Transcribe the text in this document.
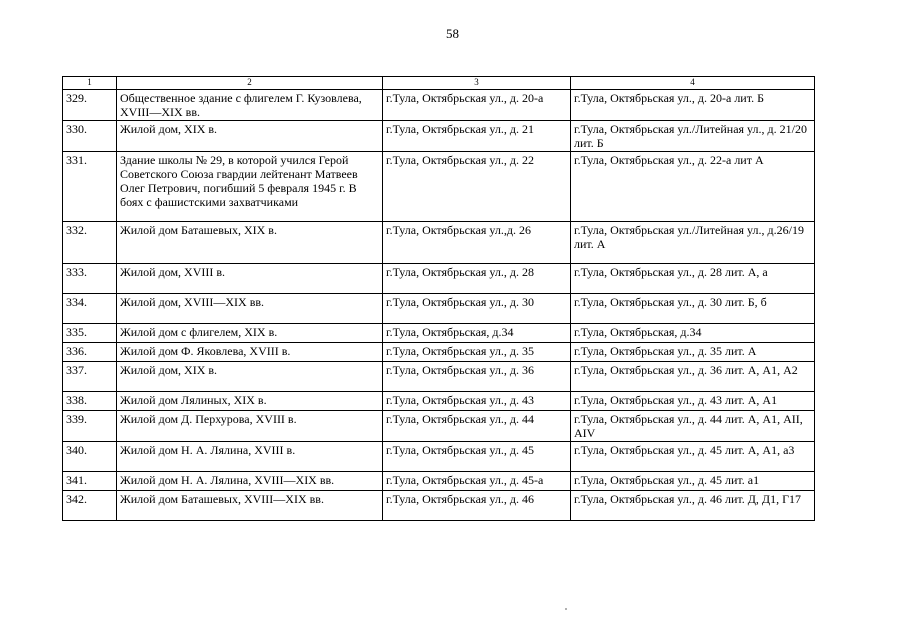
58
1	2	3	4
329.	Общественное здание с флигелем Г. Кузовлева, XVIII—XIX вв.	г.Тула, Октябрьская ул., д. 20-а	г.Тула, Октябрьская ул., д. 20-а лит. Б
330.	Жилой дом, XIX в.	г.Тула, Октябрьская ул., д. 21	г.Тула, Октябрьская ул./Литейная ул., д. 21/20 лит. Б
331.	Здание школы № 29, в которой учился Герой Советского Союза гвардии лейтенант Матвеев Олег Петрович, погибший 5 февраля 1945 г. В боях с фашистскими захватчиками	г.Тула, Октябрьская ул., д. 22	г.Тула, Октябрьская ул., д. 22-а лит А
332.	Жилой дом Баташевых, XIX в.	г.Тула, Октябрьская ул.,д. 26	г.Тула, Октябрьская ул./Литейная ул., д.26/19 лит. А
333.	Жилой дом, XVIII в.	г.Тула, Октябрьская ул., д. 28	г.Тула, Октябрьская ул., д. 28 лит. А, а
334.	Жилой дом, XVIII—XIX вв.	г.Тула, Октябрьская ул., д. 30	г.Тула, Октябрьская ул., д. 30 лит. Б, б
335.	Жилой дом с флигелем, XIX в.	г.Тула, Октябрьская, д.34	г.Тула, Октябрьская, д.34
336.	Жилой дом Ф. Яковлева, XVIII в.	г.Тула, Октябрьская ул., д. 35	г.Тула, Октябрьская ул., д. 35 лит. А
337.	Жилой дом, XIX в.	г.Тула, Октябрьская ул., д. 36	г.Тула, Октябрьская ул., д. 36 лит. А, А1, А2
338.	Жилой дом Лялиных, XIX в.	г.Тула, Октябрьская ул., д. 43	г.Тула, Октябрьская ул., д. 43 лит. А, А1
339.	Жилой дом Д. Перхурова, XVIII в.	г.Тула, Октябрьская ул., д. 44	г.Тула, Октябрьская ул., д. 44 лит. А, А1, АII, AIV
340.	Жилой дом Н. А. Лялина, XVIII в.	г.Тула, Октябрьская ул., д. 45	г.Тула, Октябрьская ул., д. 45 лит. А, А1, а3
341.	Жилой дом Н. А. Лялина, XVIII—XIX вв.	г.Тула, Октябрьская ул., д. 45-а	г.Тула, Октябрьская ул., д. 45 лит. а1
342.	Жилой дом Баташевых, XVIII—XIX вв.	г.Тула, Октябрьская ул., д. 46	г.Тула, Октябрьская ул., д. 46 лит. Д, Д1, Г17
